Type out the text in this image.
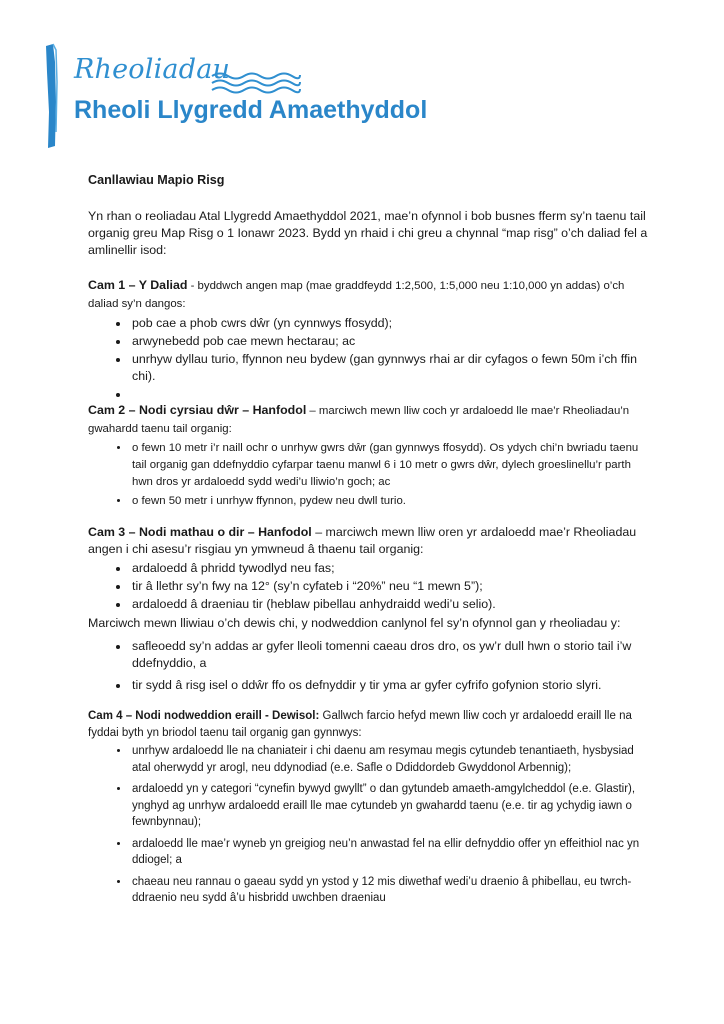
Rheoliadau
Rheoli Llygredd Amaethyddol

Canllawiau Mapio Risg

Yn rhan o reoliadau Atal Llygredd Amaethyddol 2021, mae’n ofynnol i bob busnes fferm sy’n taenu tail organig greu Map Risg o 1 Ionawr 2023. Bydd yn rhaid i chi greu a chynnal “map risg” o’ch daliad fel a amlinellir isod:

Cam 1 – Y Daliad - byddwch angen map (mae graddfeydd 1:2,500, 1:5,000 neu 1:10,000 yn addas) o’ch daliad sy’n dangos:

• pob cae a phob cwrs dŵr (yn cynnwys ffosydd);
• arwynebedd pob cae mewn hectarau; ac
• unrhyw dyllau turio, ffynnon neu bydew (gan gynnwys rhai ar dir cyfagos o fewn 50m i’ch ffin chi).
•

Cam 2 – Nodi cyrsiau dŵr – Hanfodol – marciwch mewn lliw coch yr ardaloedd lle mae’r Rheoliadau’n gwahardd taenu tail organig:

• o fewn 10 metr i’r naill ochr o unrhyw gwrs dŵr (gan gynnwys ffosydd). Os ydych chi’n bwriadu taenu tail organig gan ddefnyddio cyfarpar taenu manwl 6 i 10 metr o gwrs dŵr, dylech groeslinellu’r parth hwn dros yr ardaloedd sydd wedi’u lliwio’n goch; ac
• o fewn 50 metr i unrhyw ffynnon, pydew neu dwll turio.

Cam 3 – Nodi mathau o dir – Hanfodol – marciwch mewn lliw oren yr ardaloedd mae’r Rheoliadau angen i chi asesu’r risgiau yn ymwneud â thaenu tail organig:

• ardaloedd â phridd tywodlyd neu fas;
• tir â llethr sy’n fwy na 12° (sy’n cyfateb i “20%” neu “1 mewn 5”);
• ardaloedd â draeniau tir (heblaw pibellau anhydraidd wedi’u selio).

Marciwch mewn lliwiau o’ch dewis chi, y nodweddion canlynol fel sy’n ofynnol gan y rheoliadau y:

• safleoedd sy’n addas ar gyfer lleoli tomenni caeau dros dro, os yw’r dull hwn o storio tail i’w ddefnyddio, a
• tir sydd â risg isel o ddŵr ffo os defnyddir y tir yma ar gyfer cyfrifo gofynion storio slyri.

Cam 4 – Nodi nodweddion eraill - Dewisol: Gallwch farcio hefyd mewn lliw coch yr ardaloedd eraill lle na fyddai byth yn briodol taenu tail organig gan gynnwys:

• unrhyw ardaloedd lle na chaniateir i chi daenu am resymau megis cytundeb tenantiaeth, hysbysiad atal oherwydd yr arogl, neu ddynodiad (e.e. Safle o Ddiddordeb Gwyddonol Arbennig);
• ardaloedd yn y categori “cynefin bywyd gwyllt” o dan gytundeb amaeth-amgylcheddol (e.e. Glastir), ynghyd ag unrhyw ardaloedd eraill lle mae cytundeb yn gwahardd taenu (e.e. tir ag ychydig iawn o fewnbynnau);
• ardaloedd lle mae’r wyneb yn greigiog neu’n anwastad fel na ellir defnyddio offer yn effeithiol nac yn ddiogel; a
• chaeau neu rannau o gaeau sydd yn ystod y 12 mis diwethaf wedi’u draenio â phibellau, eu twrch-ddraenio neu sydd â’u hisbridd uwchben draeniau
